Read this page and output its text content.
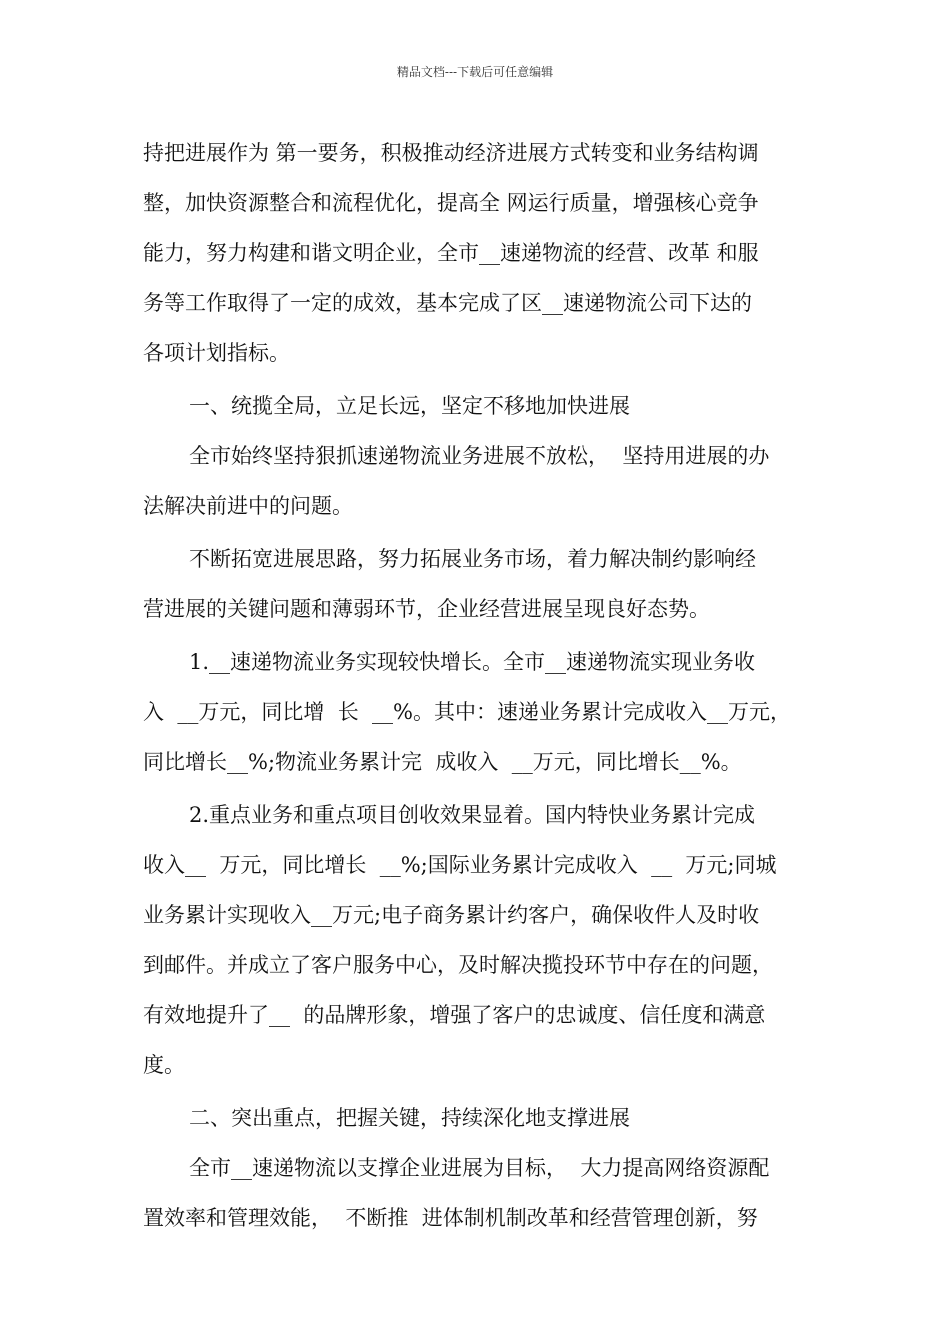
精品文档---下载后可任意编辑
持把进展作为 第一要务，积极推动经济进展方式转变和业务结构调
整，加快资源整合和流程优化，提高全 网运行质量，增强核心竞争
能力，努力构建和谐文明企业，全市__速递物流的经营、改革 和服
务等工作取得了一定的成效，基本完成了区__速递物流公司下达的
各项计划指标。
一、统揽全局，立足长远，坚定不移地加快进展
全市始终坚持狠抓速递物流业务进展不放松，  坚持用进展的办
法解决前进中的问题。
不断拓宽进展思路，努力拓展业务市场，着力解决制约影响经
营进展的关键问题和薄弱环节，企业经营进展呈现良好态势。
1.__速递物流业务实现较快增长。全市__速递物流实现业务收
入  __万元，同比增  长  __%。其中：速递业务累计完成收入__万元，
同比增长__%;物流业务累计完  成收入  __万元，同比增长__%。
2.重点业务和重点项目创收效果显着。国内特快业务累计完成
收入__  万元，同比增长  __%;国际业务累计完成收入  __  万元;同城
业务累计实现收入__万元;电子商务累计约客户，确保收件人及时收
到邮件。并成立了客户服务中心，及时解决揽投环节中存在的问题，
有效地提升了__  的品牌形象，增强了客户的忠诚度、信任度和满意
度。
二、突出重点，把握关键，持续深化地支撑进展
全市__速递物流以支撑企业进展为目标，  大力提高网络资源配
置效率和管理效能，  不断推  进体制机制改革和经营管理创新，努
